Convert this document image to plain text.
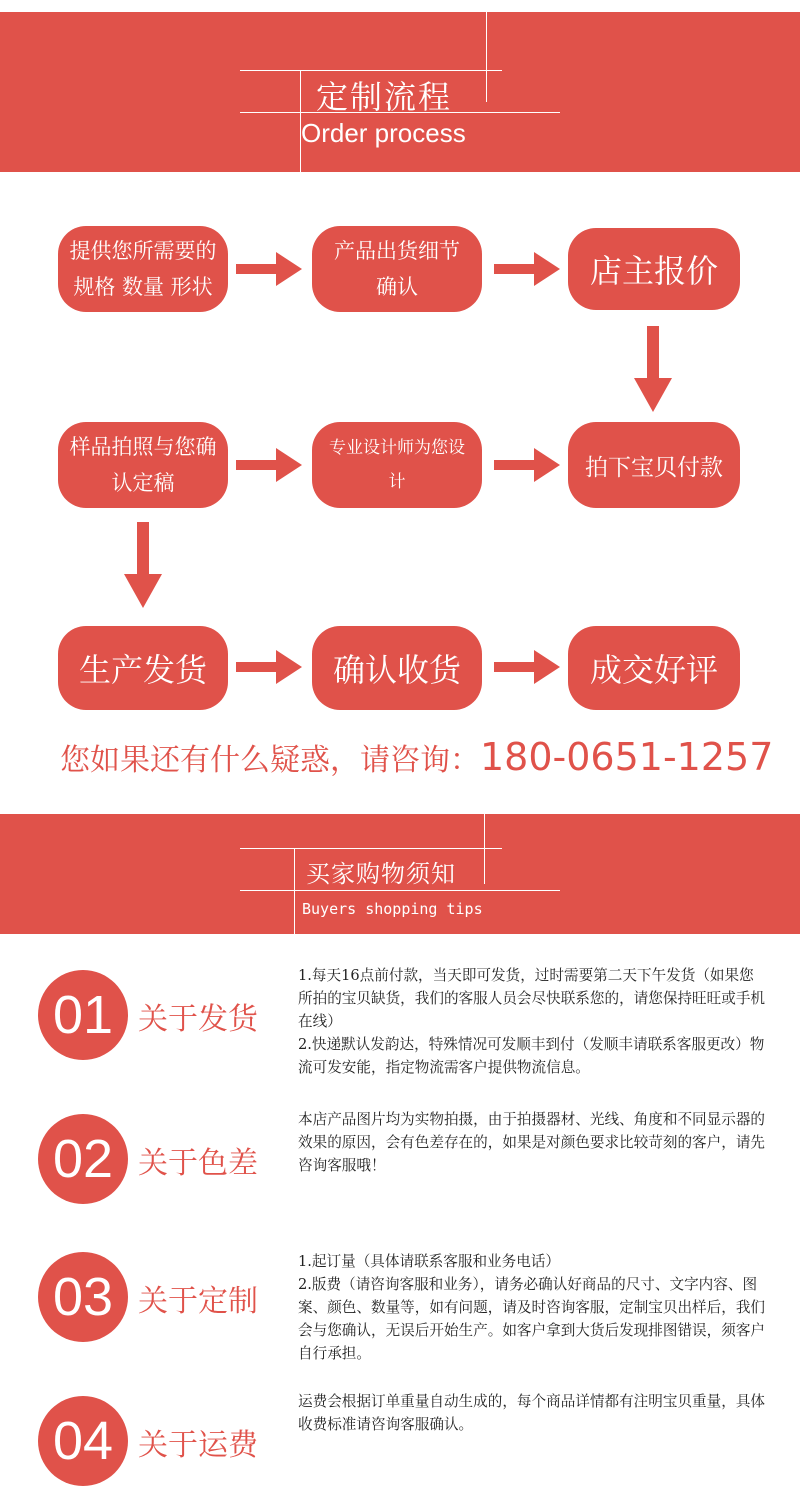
定制流程
Order process
提供您所需要的规格 数量 形状
产品出货细节确认	店主报价
样品拍照与您确认定稿
专业设计师为您设计
拍下宝贝付款
生产发货	确认收货	成交好评
您如果还有什么疑惑，请咨询：180-0651-1257
买家购物须知
Buyers shopping tips
01 关于发货

1.每天16点前付款，当天即可发货，过时需要第二天下午发货（如果您所拍的宝贝缺货，我们的客服人员会尽快联系您的，请您保持旺旺或手机在线）

2.快递默认发韵达，特殊情况可发顺丰到付（发顺丰请联系客服更改）物流可发安能，指定物流需客户提供物流信息。

02 关于色差

本店产品图片均为实物拍摄，由于拍摄器材、光线、角度和不同显示器的效果的原因，会有色差存在的，如果是对颜色要求比较苛刻的客户，请先咨询客服哦！

03 关于定制

1.起订量（具体请联系客服和业务电话）

2.版费（请咨询客服和业务），请务必确认好商品的尺寸、文字内容、图案、颜色、数量等，如有问题，请及时咨询客服，定制宝贝出样后，我们会与您确认，无误后开始生产。如客户拿到大货后发现排图错误，须客户自行承担。

04 关于运费

运费会根据订单重量自动生成的，每个商品详情都有注明宝贝重量，具体收费标准请咨询客服确认。
